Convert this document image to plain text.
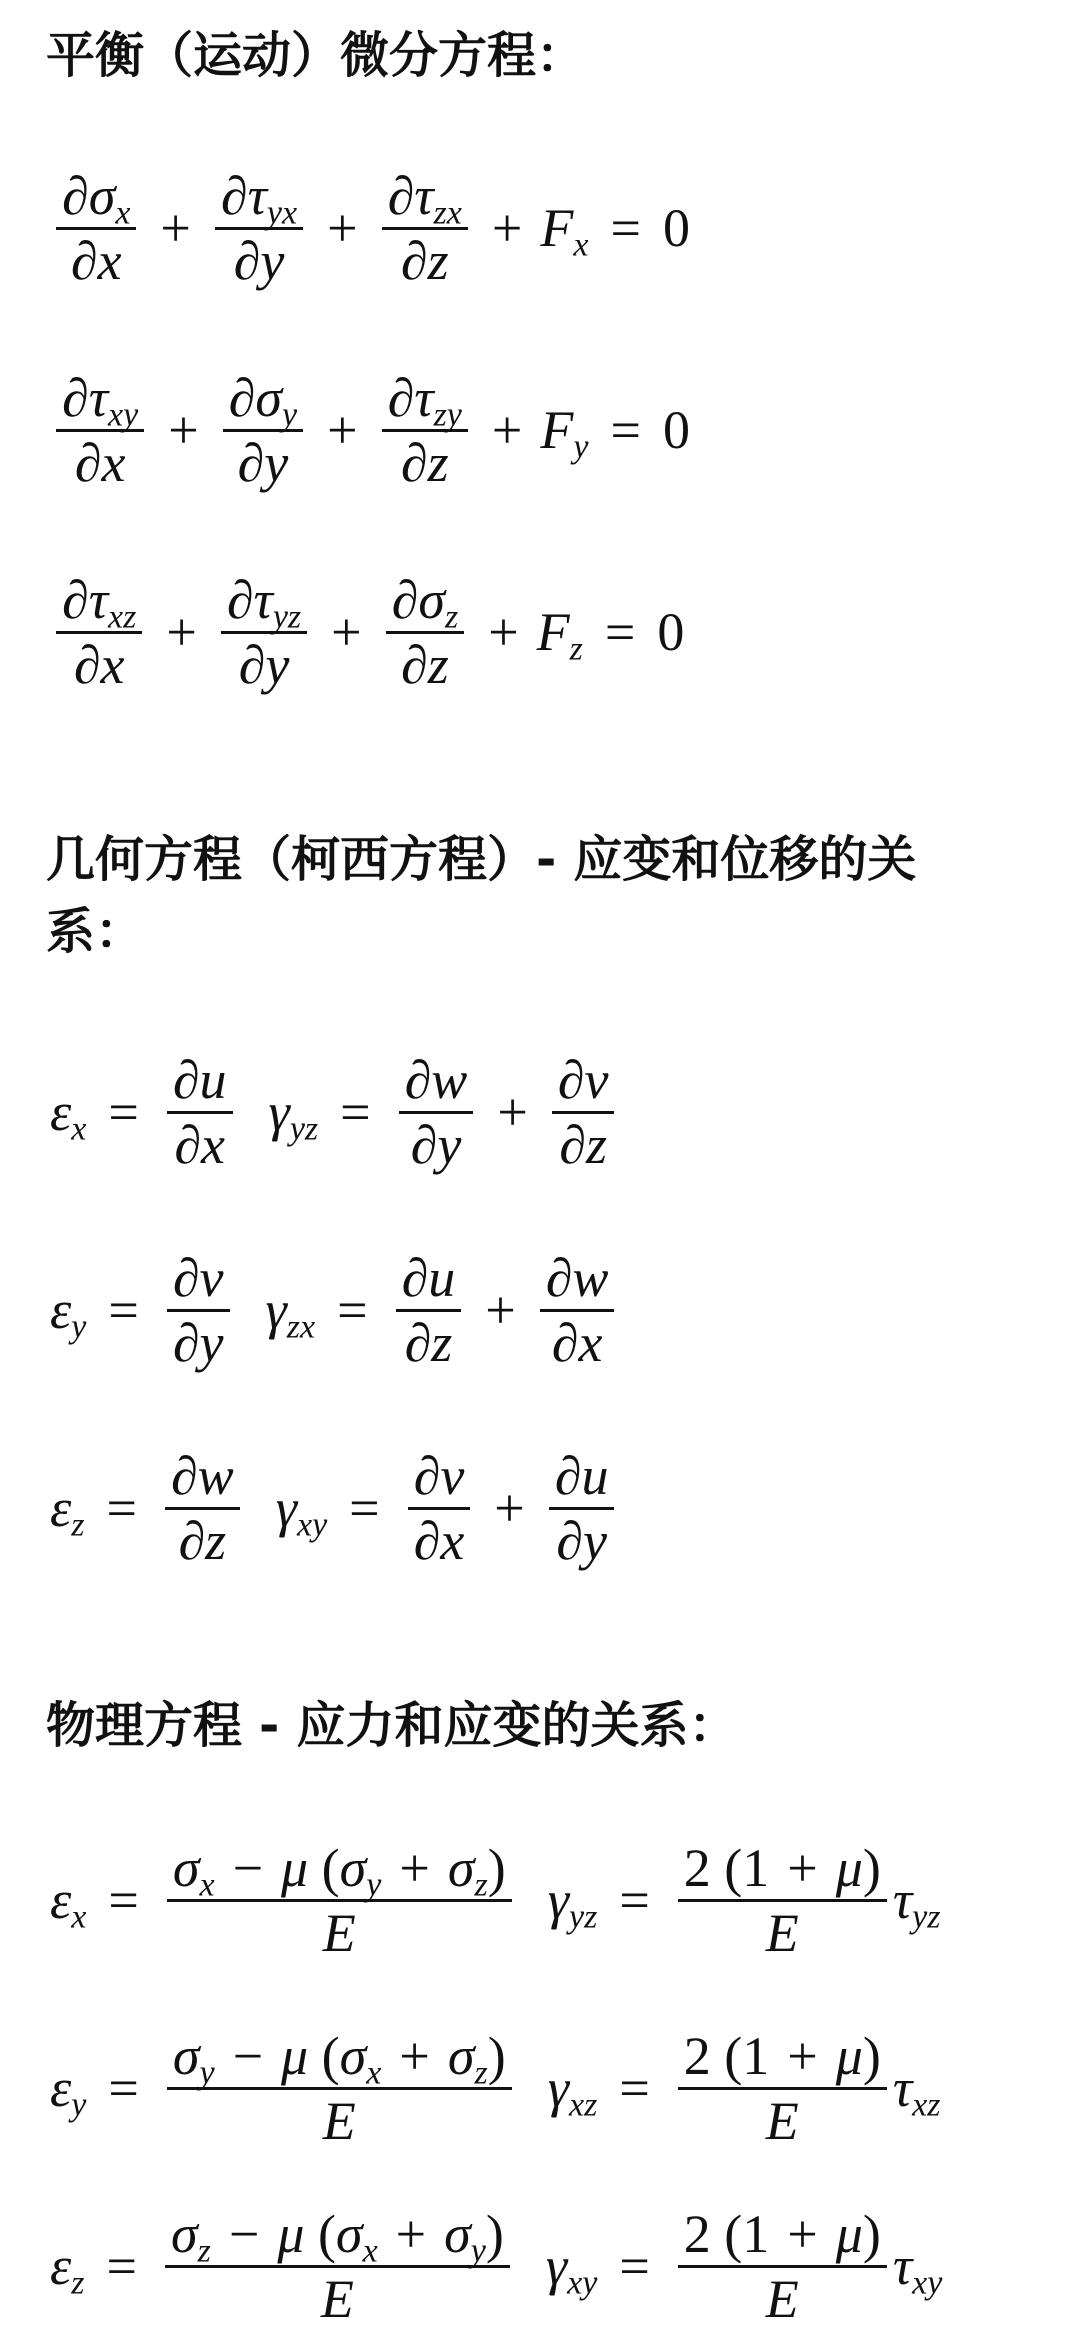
平衡（运动）微分方程：
$\frac{\partial\sigma_x}{\partial x} + \frac{\partial\tau_{yx}}{\partial y} + \frac{\partial\tau_{zx}}{\partial z} + F_x = 0$
$\frac{\partial\tau_{xy}}{\partial x} + \frac{\partial\sigma_y}{\partial y} + \frac{\partial\tau_{zy}}{\partial z} + F_y = 0$
$\frac{\partial\tau_{xz}}{\partial x} + \frac{\partial\tau_{yz}}{\partial y} + \frac{\partial\sigma_z}{\partial z} + F_z = 0$
几何方程（柯西方程）- 应变和位移的关
系：
$\varepsilon_x = \frac{\partial u}{\partial x} \gamma_{yz} = \frac{\partial w}{\partial y} + \frac{\partial v}{\partial z}$
$\varepsilon_y = \frac{\partial v}{\partial y} \gamma_{zx} = \frac{\partial u}{\partial z} + \frac{\partial w}{\partial x}$
$\varepsilon_z = \frac{\partial w}{\partial z} \gamma_{xy} = \frac{\partial v}{\partial x} + \frac{\partial u}{\partial y}$
物理方程 - 应力和应变的关系：
$\varepsilon_x = \frac{\sigma_x - \mu (\sigma_y + \sigma_z)}{E} \gamma_{yz} = \frac{2 (1 + \mu)}{E} \tau_{yz}$
$\varepsilon_y = \frac{\sigma_y - \mu (\sigma_x + \sigma_z)}{E} \gamma_{xz} = \frac{2 (1 + \mu)}{E} \tau_{xz}$
$\varepsilon_z = \frac{\sigma_z - \mu (\sigma_x + \sigma_y)}{E} \gamma_{xy} = \frac{2 (1 + \mu)}{E} \tau_{xy}$
